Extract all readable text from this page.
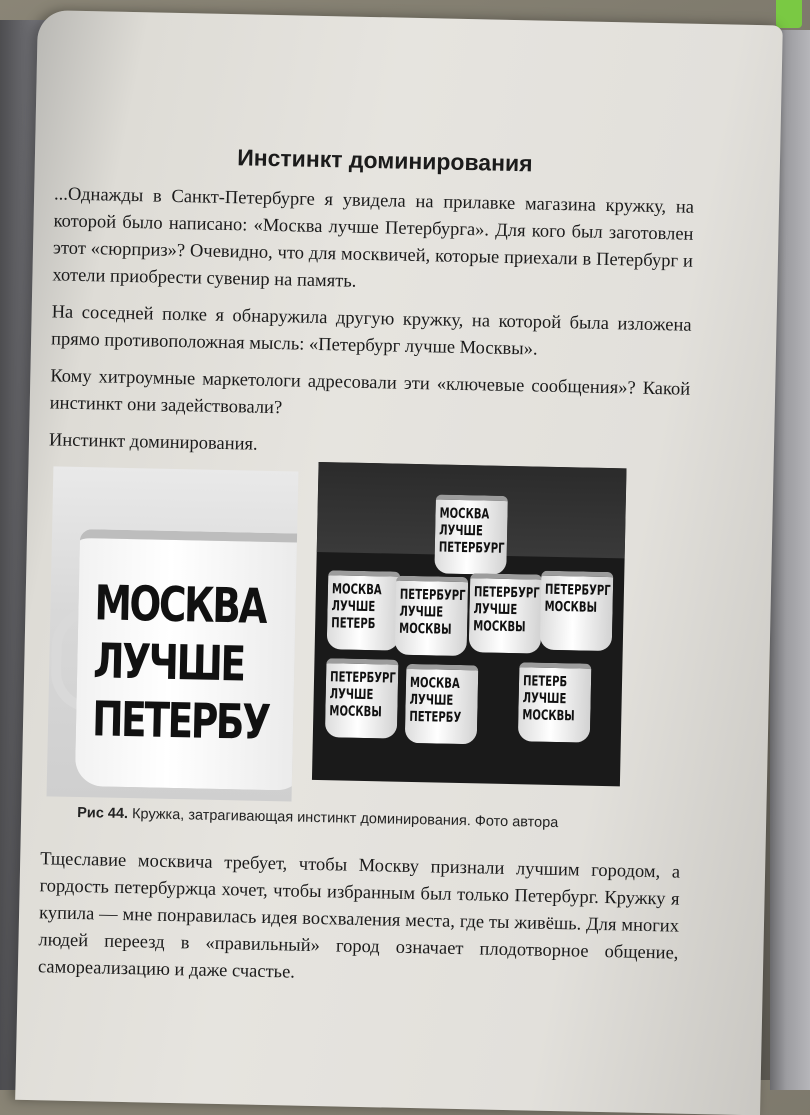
Инстинкт доминирования

...Однажды в Санкт-Петербурге я увидела на прилавке магазина кружку, на которой было написано: «Москва лучше Петербурга». Для кого был заготовлен этот «сюрприз»? Очевидно, что для москвичей, которые приехали в Петербург и хотели приобрести сувенир на память.

На соседней полке я обнаружила другую кружку, на которой была изложена прямо противоположная мысль: «Петербург лучше Москвы».

Кому хитроумные маркетологи адресовали эти «ключевые сообщения»? Какой инстинкт они задействовали?

Инстинкт доминирования.

МОСКВА
ЛУЧШЕ
ПЕТЕРБУ
МОСКВА
ЛУЧШЕ
ПЕТЕРБУРГ
МОСКВА
ЛУЧШЕ
ПЕТЕРБ
ПЕТЕРБУРГ
ЛУЧШЕ
МОСКВЫ
ПЕТЕРБУРГ
ЛУЧШЕ
МОСКВЫ
ПЕТЕРБУРГ
МОСКВЫ
ПЕТЕРБУРГ
ЛУЧШЕ
МОСКВЫ
МОСКВА
ЛУЧШЕ
ПЕТЕРБУ
ПЕТЕРБ
ЛУЧШЕ
МОСКВЫ
Рис 44. Кружка, затрагивающая инстинкт доминирования. Фото автора

Тщеславие москвича требует, чтобы Москву признали лучшим городом, а гордость петербуржца хочет, чтобы избранным был только Петербург. Кружку я купила — мне понравилась идея восхваления места, где ты живёшь. Для многих людей переезд в «правильный» город означает плодотворное общение, самореализацию и даже счастье.
